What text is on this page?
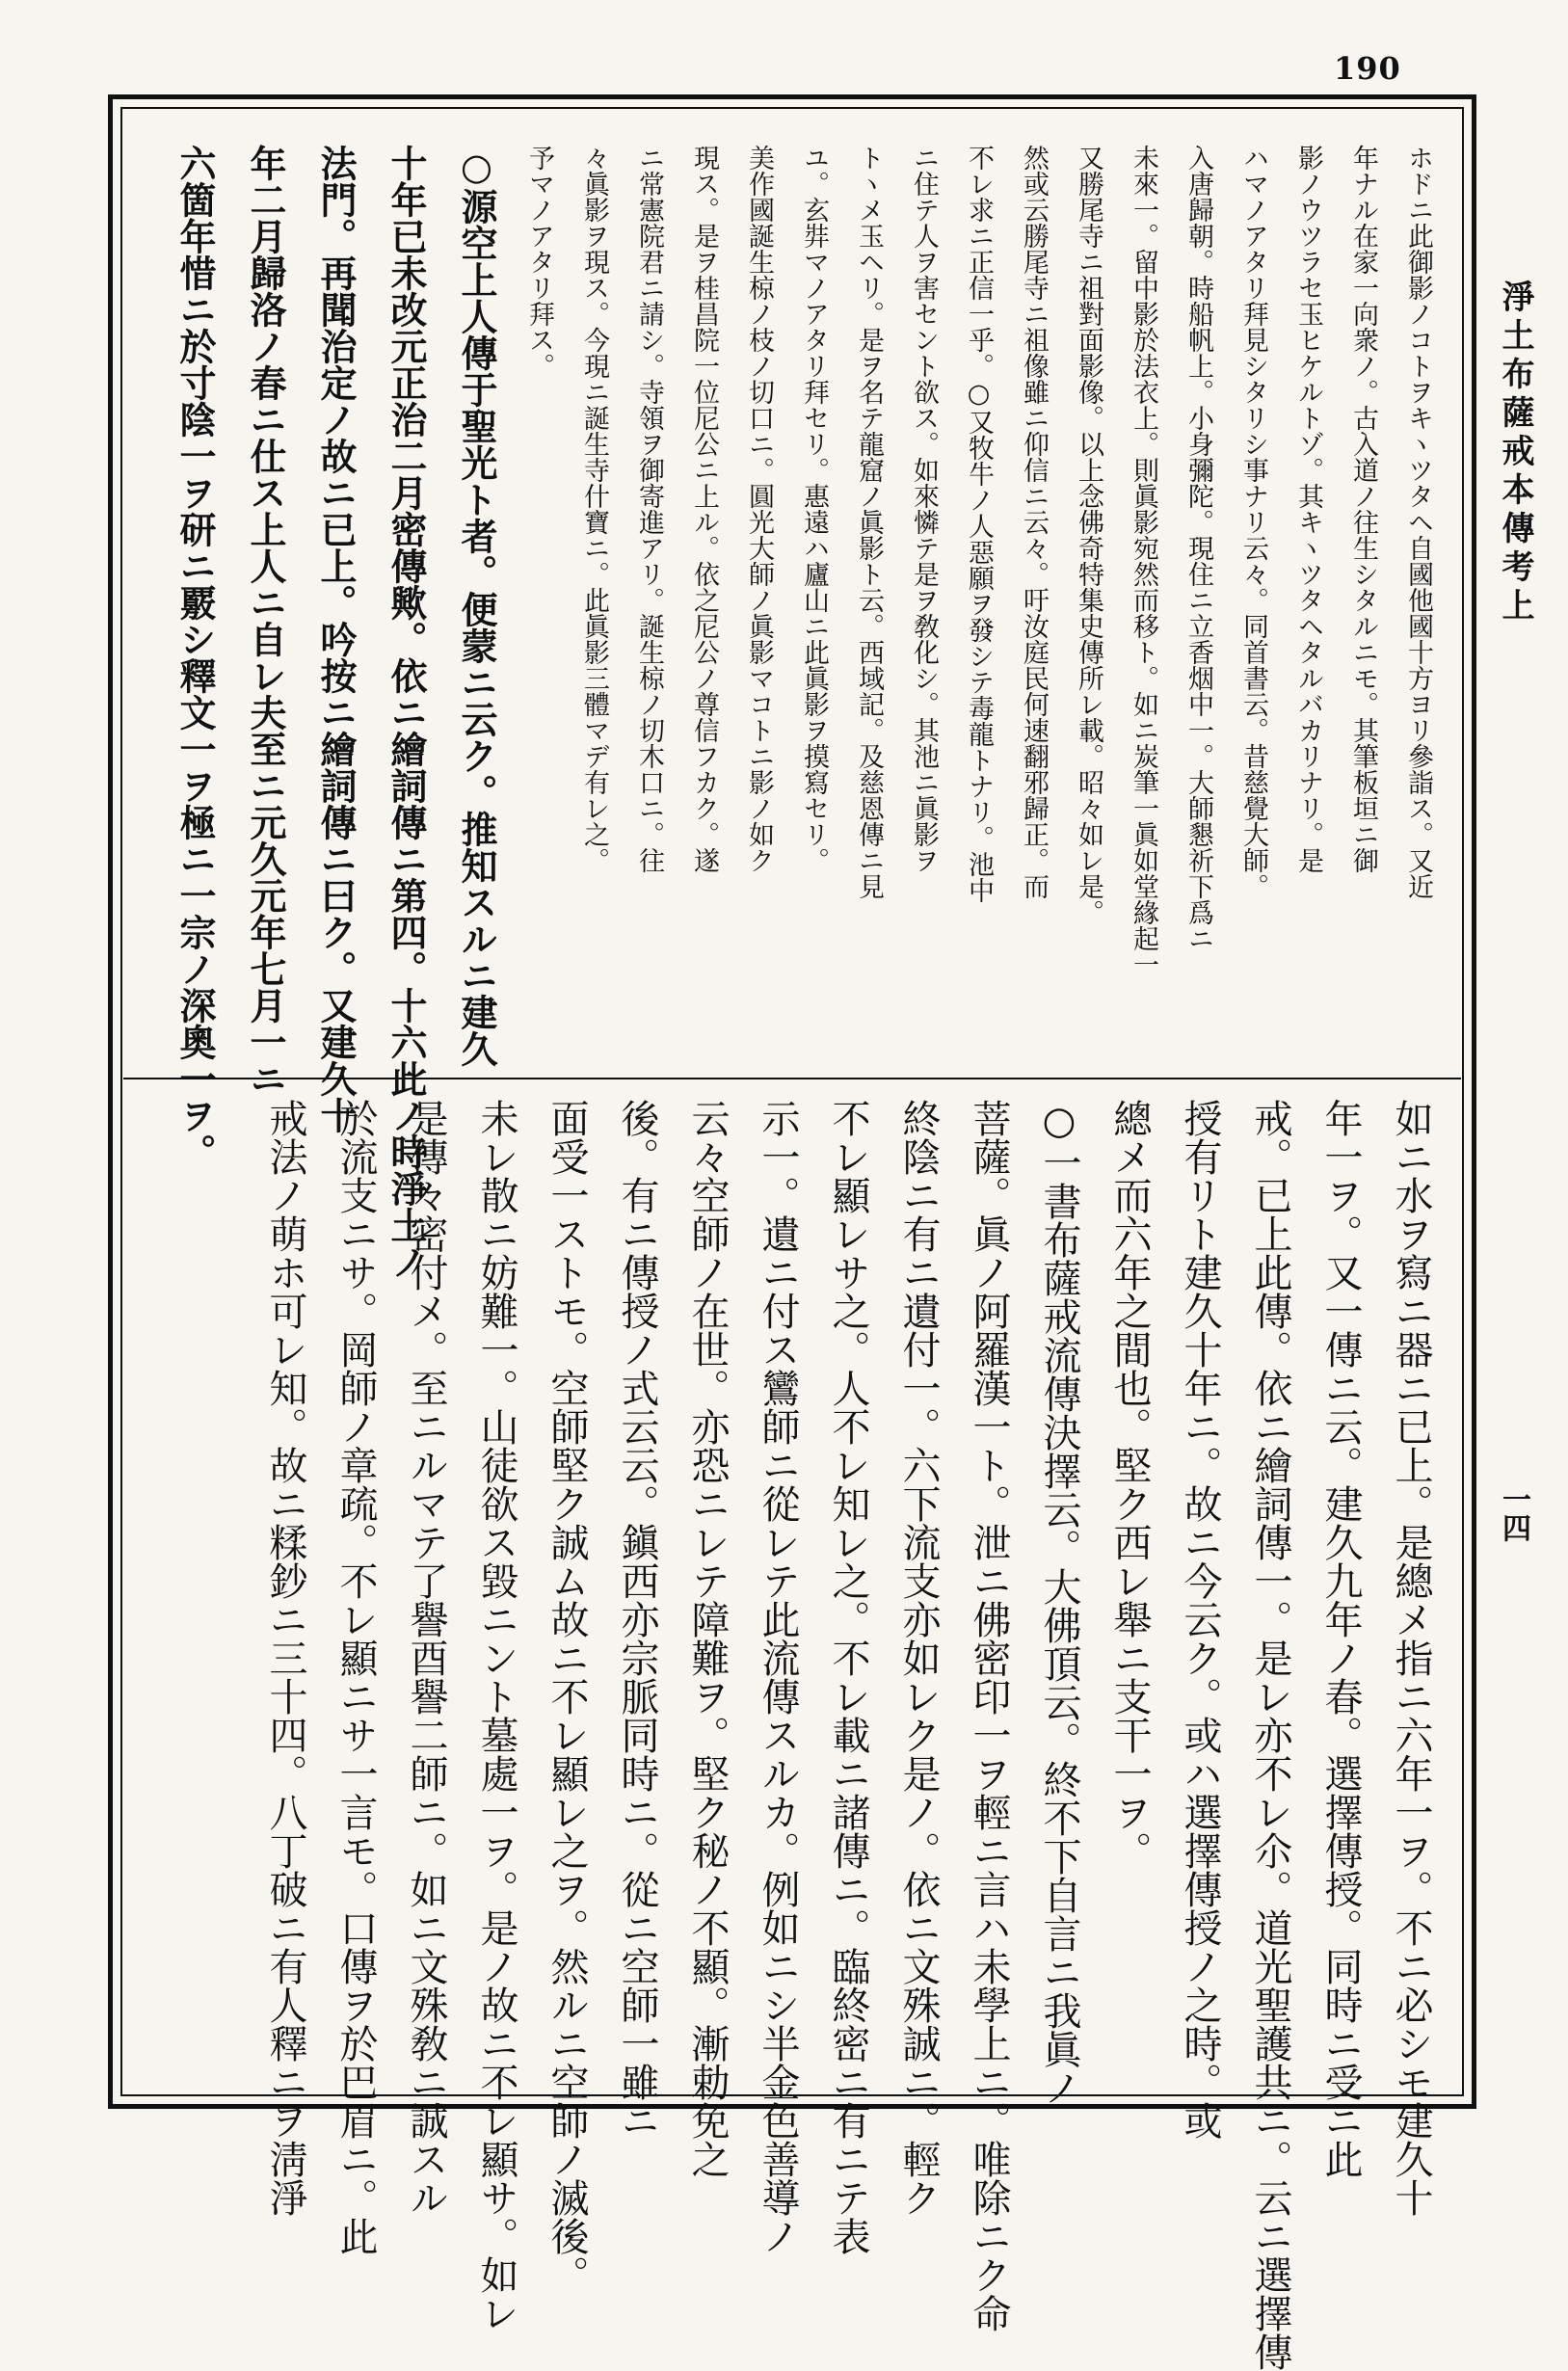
190
ホドニ此御影ノコトヲキヽツタヘ自國他國十方ヨリ參詣ス。又近
年ナル在家一向衆ノ。古入道ノ往生シタルニモ。其筆板垣ニ御
影ノウツラセ玉ヒケルトゾ。其キヽツタヘタルバカリナリ。是
ハマノアタリ拜見シタリシ事ナリ云々。同首書云。昔慈覺大師。
入唐歸朝。時船帆上。小身彌陀。現住ニ立香烟中一。大師懇祈下爲ニ
未來一。留中影於法衣上。則眞影宛然而移ト。如ニ炭筆一眞如堂緣起一
又勝尾寺ニ祖對面影像。以上念佛奇特集史傳所レ載。昭々如レ是。
然或云勝尾寺ニ祖像雖ニ仰信ニ云々。吁汝庭民何速翻邪歸正。而
不レ求ニ正信一乎。○又牧牛ノ人惡願ヲ發シテ毒龍トナリ。池中
ニ住テ人ヲ害セント欲ス。如來憐テ是ヲ敎化シ。其池ニ眞影ヲ
トヽメ玉ヘリ。是ヲ名テ龍窟ノ眞影ト云。西域記。及慈恩傳ニ見
ユ。玄弉マノアタリ拜セリ。惠遠ハ廬山ニ此眞影ヲ摸寫セリ。
美作國誕生椋ノ枝ノ切口ニ。圓光大師ノ眞影マコトニ影ノ如ク
現ス。是ヲ桂昌院一位尼公ニ上ル。依之尼公ノ尊信フカク。遂
ニ常憲院君ニ請シ。寺領ヲ御寄進アリ。誕生椋ノ切木口ニ。往
々眞影ヲ現ス。今現ニ誕生寺什寶ニ。此眞影三體マデ有レ之。
予マノアタリ拜ス。
○源空上人傳于聖光ト者。便蒙ニ云ク。推知スルニ建久
十年已未改元正治二月密傳歟。依ニ繪詞傳ニ第四。十六此ノ時淨土ノ
法門。再聞治定ノ故ニ已上。吟按ニ繪詞傳ニ曰ク。又建久十
年二月歸洛ノ春ニ仕ス上人ニ自レ夫至ニ元久元年七月一ニ
六箇年惜ニ於寸陰一ヲ研ニ覈シ釋文一ヲ極ニ一宗ノ深奧一ヲ。
如ニ水ヲ寫ニ器ニ已上。是總メ指ニ六年一ヲ。不ニ必シモ建久十
年一ヲ。又一傳ニ云。建久九年ノ春。選擇傳授。同時ニ受ニ此
戒。已上此傳。依ニ繪詞傳一。是レ亦不レ尒。道光聖護共ニ。云ニ選擇傳
授有リト建久十年ニ。故ニ今云ク。或ハ選擇傳授ノ之時。或
總メ而六年之間也。堅ク西レ舉ニ支干一ヲ。
○一書布薩戒流傳決擇云。大佛頂云。終不下自言ニ我眞ノ
菩薩。眞ノ阿羅漢一ト。泄ニ佛密印一ヲ輕ニ言ハ未學上ニ。唯除ニク命
終陰ニ有ニ遺付一。六下流支亦如レク是ノ。依ニ文殊誠ニ。輕ク
不レ顯レサ之。人不レ知レ之。不レ載ニ諸傳ニ。臨終密ニ有ニテ表
示一。遺ニ付ス鸞師ニ從レテ此流傳スルカ。例如ニシ半金色善導ノ
云々空師ノ在世。亦恐ニレテ障難ヲ。堅ク秘ノ不顯。漸勅免之
後。有ニ傳授ノ式云云。鎭西亦宗脈同時ニ。從ニ空師一雖ニ
面受一ストモ。空師堅ク誠ム故ニ不レ顯レ之ヲ。然ルニ空師ノ滅後。
未レ散ニ妨難一。山徒欲ス毀ニント墓處一ヲ。是ノ故ニ不レ顯サ。如レ
是傳々密付メ。至ニルマテ了譽酉譽二師ニ。如ニ文殊敎ニ誠スル
於流支ニサ。岡師ノ章疏。不レ顯ニサ一言モ。口傳ヲ於巴眉ニ。此
戒法ノ萌ホ可レ知。故ニ糅鈔ニ三十四。八丁破ニ有人釋ニヲ淸淨
淨土布薩戒本傳考上
一四
